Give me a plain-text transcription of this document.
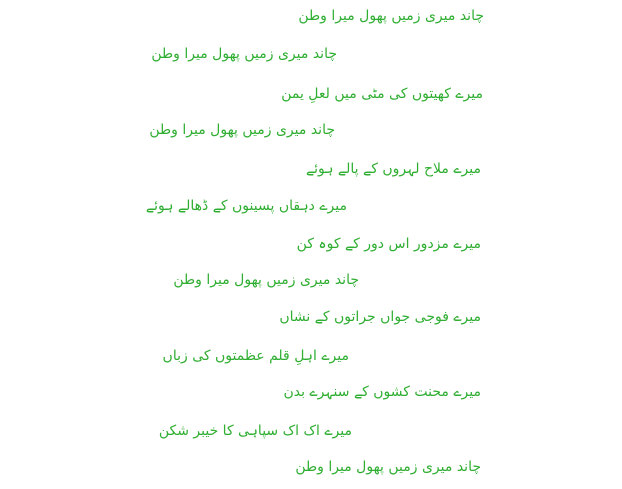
چاند میری زمیں پھول میرا وطن

چاند میری زمیں پھول میرا وطن

میرے کھیتوں کی مٹی میں لعلِ یمن

چاند میری زمیں پھول میرا وطن

میرے ملاح لہروں کے پالے ہوئے

میرے دہقاں پسینوں کے ڈھالے ہوئے

میرے مزدور اس دور کے کوہ کن

چاند میری زمیں پھول میرا وطن

میرے فوجی جواں جراتوں کے نشاں

میرے اہلِ قلم عظمتوں کی زباں

میرے محنت کشوں کے سنہرے بدن

میرے اک اک سپاہی کا خیبر شکن

چاند میری زمیں پھول میرا وطن
